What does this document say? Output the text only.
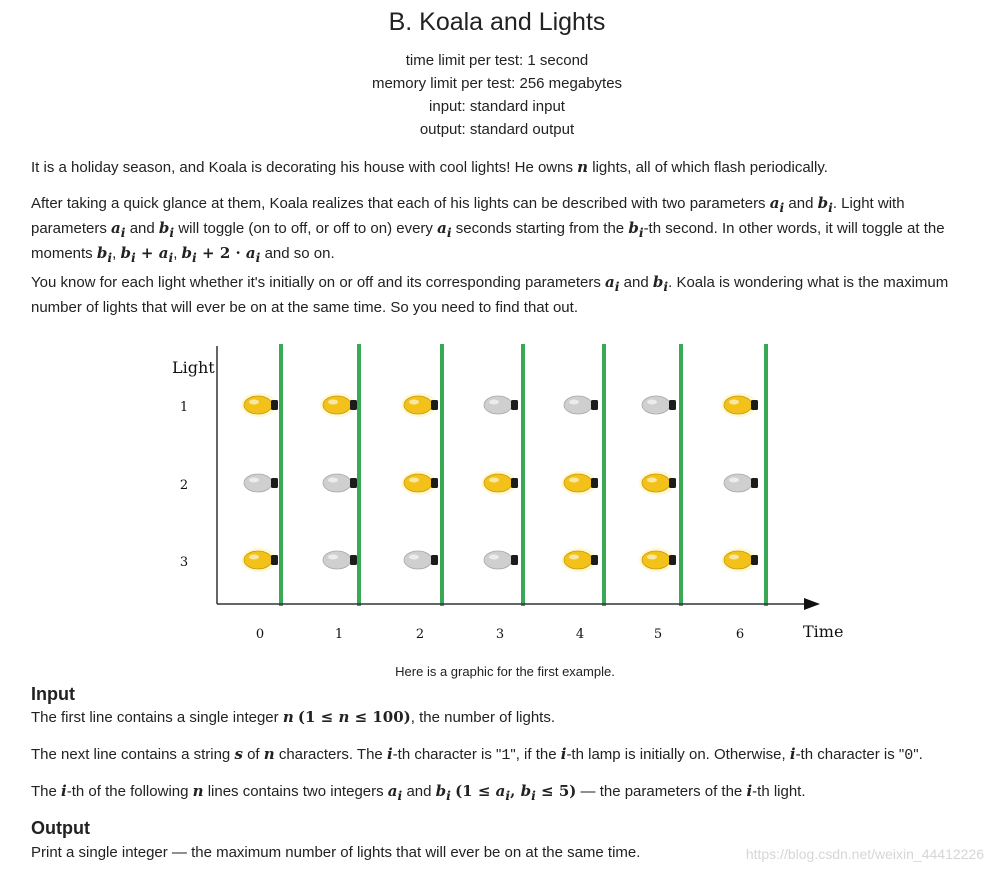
B. Koala and Lights
time limit per test: 1 second
memory limit per test: 256 megabytes
input: standard input
output: standard output
It is a holiday season, and Koala is decorating his house with cool lights! He owns n lights, all of which flash periodically.
After taking a quick glance at them, Koala realizes that each of his lights can be described with two parameters $a_i$ and $b_i$. Light with
parameters $a_i$ and $b_i$ will toggle (on to off, or off to on) every $a_i$ seconds starting from the $b_i-th$ second. In other words, it will toggle at the
moments $b_i$, $b_i + a_i$, $b_i + 2 \cdot a_i$ and so on.
You know for each light whether it's initially on or off and its corresponding parameters $a_i$ and $b_i$. Koala is wondering what is the maximum
number of lights that will ever be on at the same time. So you need to find that out.
Light
1
2
3
0	1	2	3	4	5	6	Time
Here is a graphic for the first example.
Input
The first line contains a single integer n (1 ≤ n ≤ 100), the number of lights.
The next line contains a string s of n characters. The i-th character is "1", if the i-th lamp is initially on. Otherwise, i-th character is "0".
The i-th of the following n lines contains two integers $a_i$ and $b_i$ ($1 \le a_i$, $b_i \le 5$) — the parameters of the i-th light.
Output
Print a single integer — the maximum number of lights that will ever be on at the same time.	https://blog.csdn.net/weixin_44412226
